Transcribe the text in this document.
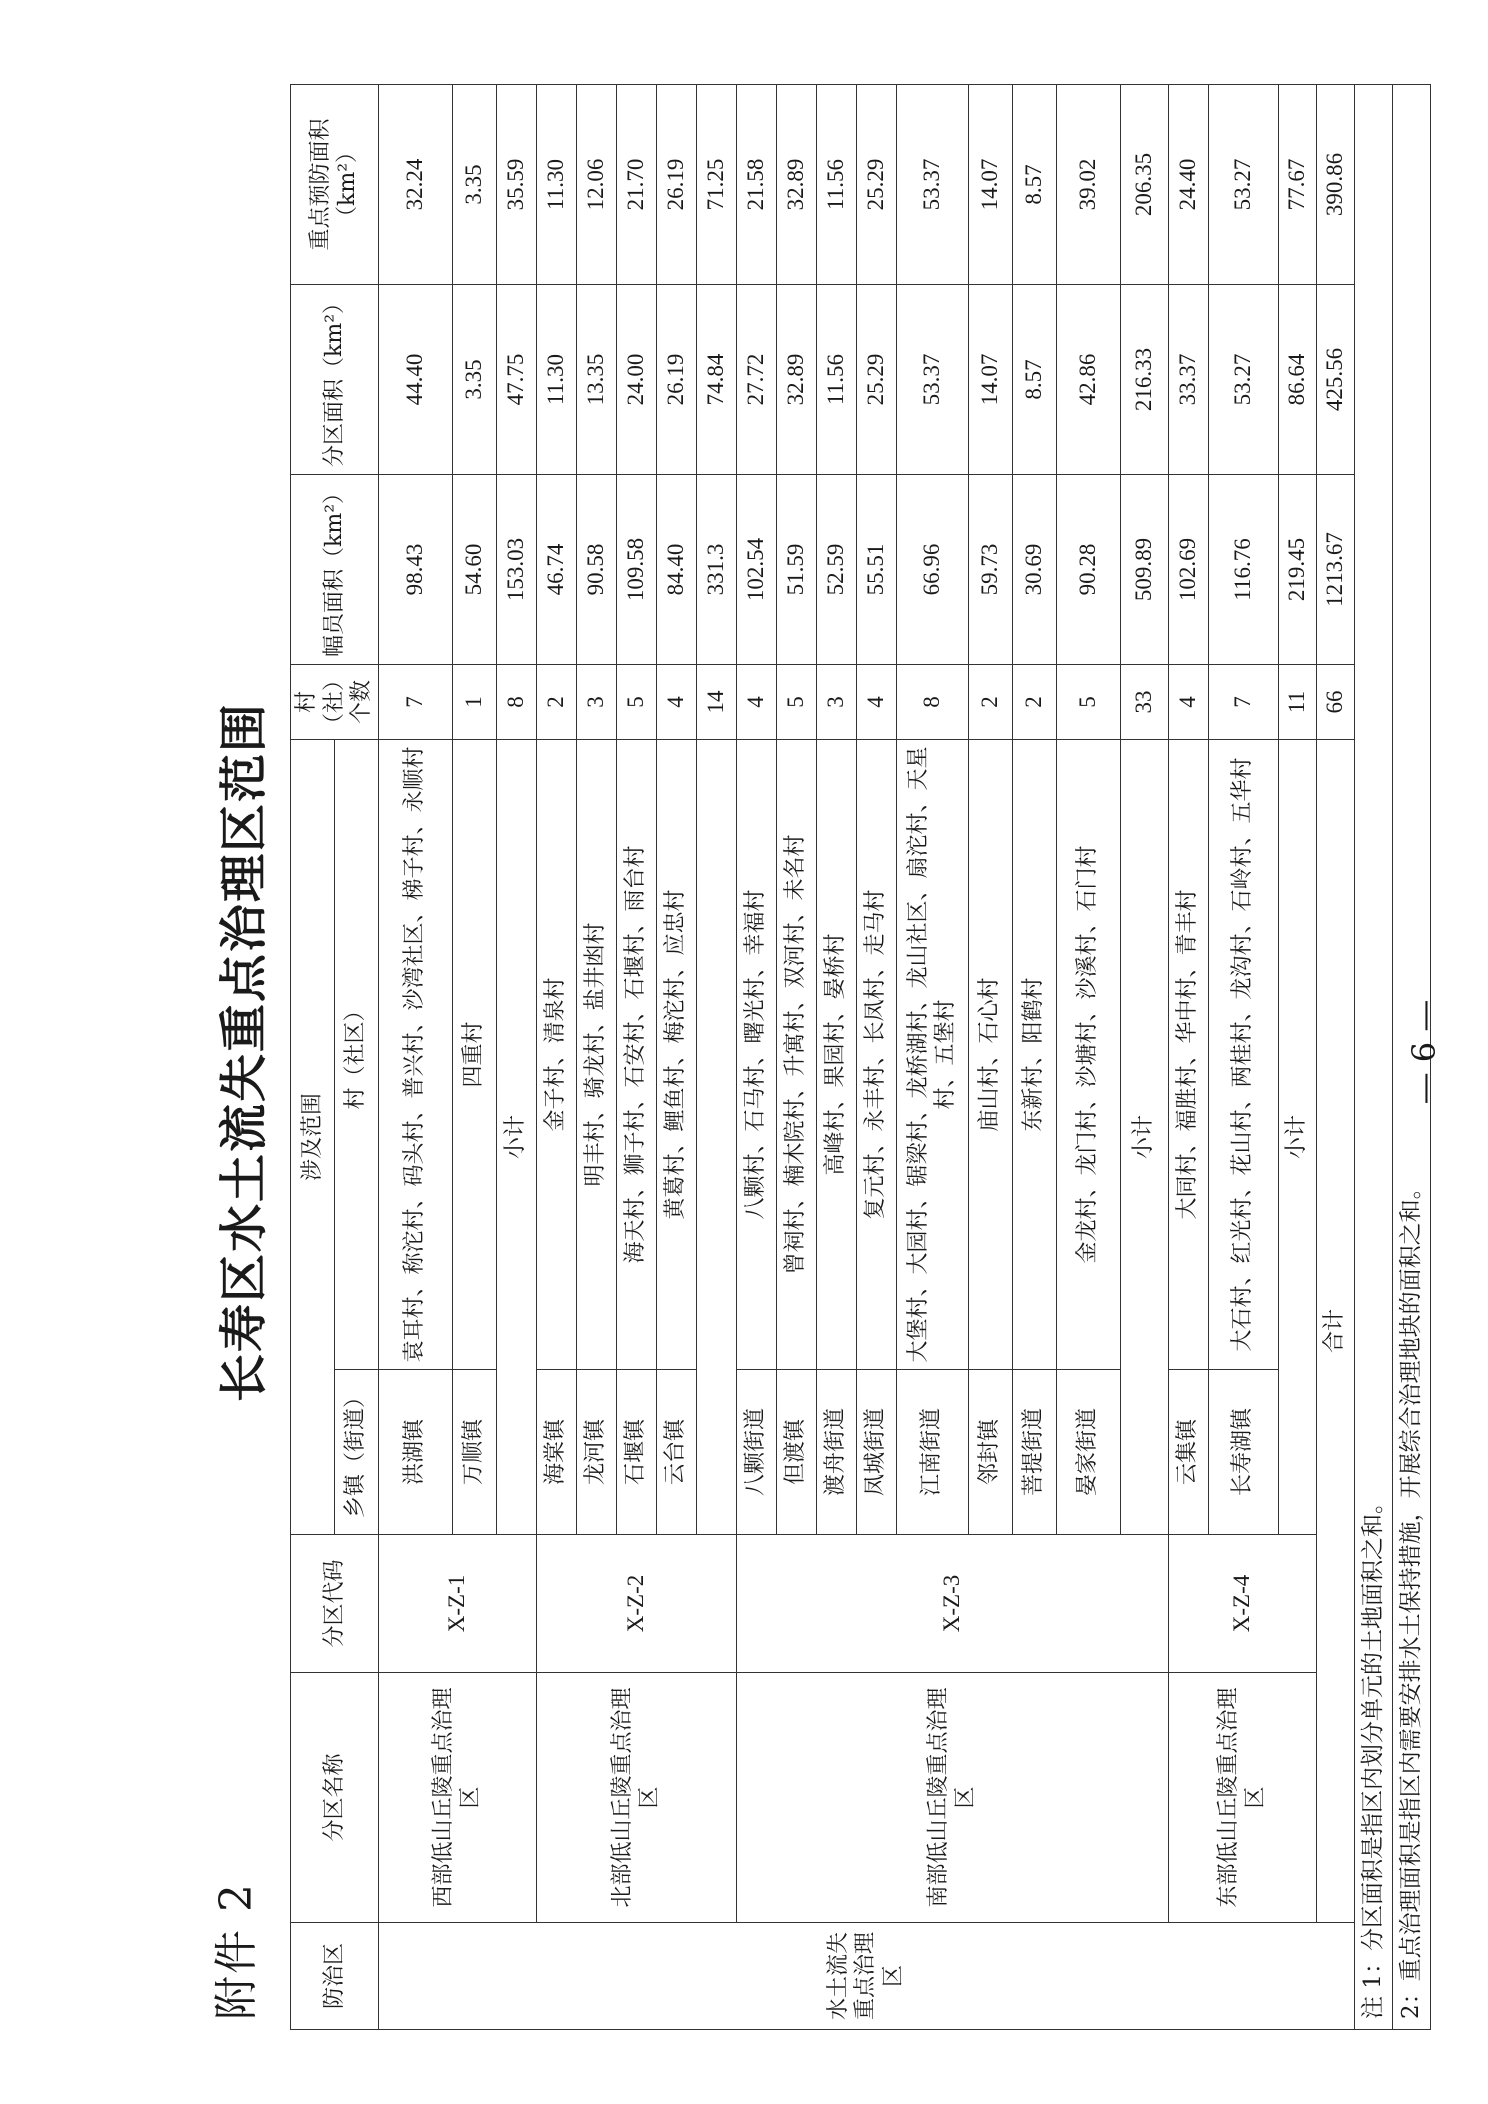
附件 2
长寿区水土流失重点治理区范围
防治区	分区名称	分区代码	涉及范围		村（社）个数	幅员面积（km²）	分区面积（km²）	重点预防面积（km²）
			乡镇（街道）	村（社区）				
水土流失重点治理区	西部低山丘陵重点治理区	X-Z-1	洪湖镇	袁耳村、称沱村、码头村、普兴村、沙湾社区、梯子村、永顺村	7	98.43	44.40	32.24
			万顺镇	四重村	1	54.60	3.35	3.35
			小计		8	153.03	47.75	35.59
	北部低山丘陵重点治理区	X-Z-2	海棠镇	金子村、清泉村	2	46.74	11.30	11.30
			龙河镇	明丰村、骑龙村、盐井凼村	3	90.58	13.35	12.06
			石堰镇	海天村、狮子村、石安村、石堰村、雨台村	5	109.58	24.00	21.70
			云台镇	黄葛村、鲤鱼村、梅沱村、应忠村	4	84.40	26.19	26.19
					14	331.3	74.84	71.25
	南部低山丘陵重点治理区	X-Z-3	八颗街道	八颗村、石马村、曙光村、幸福村	4	102.54	27.72	21.58
			但渡镇	曾祠村、楠木院村、升寓村、双河村、未名村	5	51.59	32.89	32.89
			渡舟街道	高峰村、果园村、晏桥村	3	52.59	11.56	11.56
			凤城街道	复元村、永丰村、长凤村、走马村	4	55.51	25.29	25.29
			江南街道	大堡村、大园村、锯梁村、龙桥湖村、龙山社区、扇沱村、天星村、五堡村	8	66.96	53.37	53.37
			邻封镇	庙山村、石心村	2	59.73	14.07	14.07
			菩提街道	东新村、阳鹤村	2	30.69	8.57	8.57
			晏家街道	金龙村、龙门村、沙塘村、沙溪村、石门村	5	90.28	42.86	39.02
			小计		33	509.89	216.33	206.35
	东部低山丘陵重点治理区	X-Z-4	云集镇	大同村、福胜村、华中村、青丰村	4	102.69	33.37	24.40
			长寿湖镇	大石村、红光村、花山村、两桂村、龙沟村、石岭村、五华村	7	116.76	53.27	53.27
			小计		11	219.45	86.64	77.67
	合计				66	1213.67	425.56	390.86
注 1：分区面积是指区内划分单元的土地面积之和。								
2：重点治理面积是指区内需要安排水土保持措施，开展综合治理地块的面积之和。								
— 6 —
